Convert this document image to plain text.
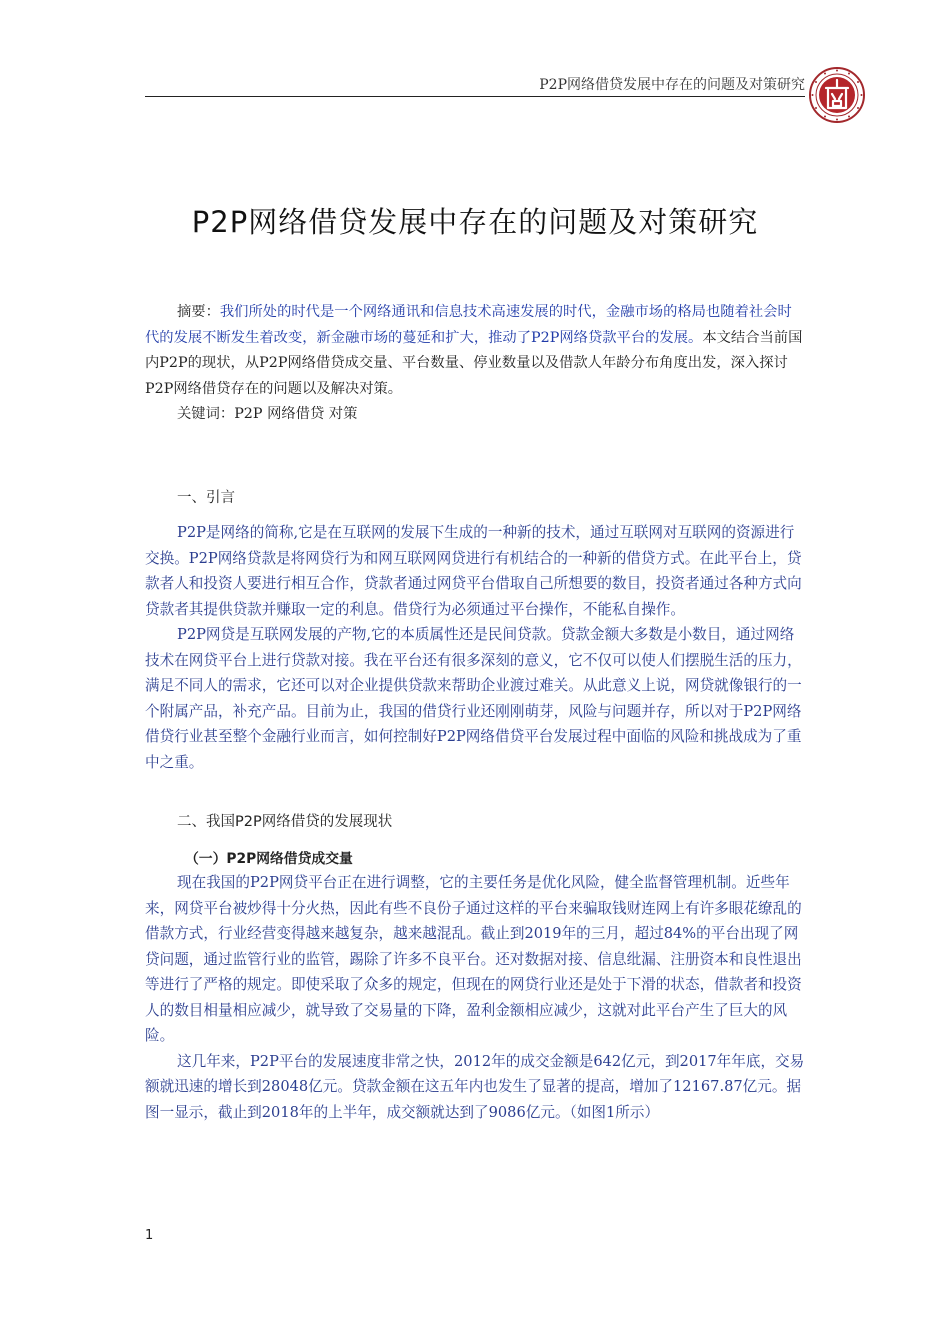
P2P网络借贷发展中存在的问题及对策研究
P2P网络借贷发展中存在的问题及对策研究

摘要：我们所处的时代是一个网络通讯和信息技术高速发展的时代，金融市场的格局也随着社会时代的发展不断发生着改变，新金融市场的蔓延和扩大，推动了P2P网络贷款平台的发展。本文结合当前国内P2P的现状，从P2P网络借贷成交量、平台数量、停业数量以及借款人年龄分布角度出发，深入探讨P2P网络借贷存在的问题以及解决对策。

关键词：P2P 网络借贷 对策

一、引言

P2P是网络的简称,它是在互联网的发展下生成的一种新的技术，通过互联网对互联网的资源进行交换。P2P网络贷款是将网贷行为和网互联网网贷进行有机结合的一种新的借贷方式。在此平台上，贷款者人和投资人要进行相互合作，贷款者通过网贷平台借取自己所想要的数目，投资者通过各种方式向贷款者其提供贷款并赚取一定的利息。借贷行为必须通过平台操作，不能私自操作。

P2P网贷是互联网发展的产物,它的本质属性还是民间贷款。贷款金额大多数是小数目，通过网络技术在网贷平台上进行贷款对接。我在平台还有很多深刻的意义，它不仅可以使人们摆脱生活的压力，满足不同人的需求，它还可以对企业提供贷款来帮助企业渡过难关。从此意义上说，网贷就像银行的一个附属产品，补充产品。目前为止，我国的借贷行业还刚刚萌芽，风险与问题并存，所以对于P2P网络借贷行业甚至整个金融行业而言，如何控制好P2P网络借贷平台发展过程中面临的风险和挑战成为了重中之重。

二、我国P2P网络借贷的发展现状
（一）P2P网络借贷成交量

现在我国的P2P网贷平台正在进行调整，它的主要任务是优化风险，健全监督管理机制。近些年来，网贷平台被炒得十分火热，因此有些不良份子通过这样的平台来骗取钱财连网上有许多眼花缭乱的借款方式，行业经营变得越来越复杂，越来越混乱。截止到2019年的三月，超过84%的平台出现了网贷问题，通过监管行业的监管，踢除了许多不良平台。还对数据对接、信息纰漏、注册资本和良性退出等进行了严格的规定。即使采取了众多的规定，但现在的网贷行业还是处于下滑的状态，借款者和投资人的数目相量相应减少，就导致了交易量的下降，盈利金额相应减少，这就对此平台产生了巨大的风险。

这几年来，P2P平台的发展速度非常之快，2012年的成交金额是642亿元，到2017年年底，交易额就迅速的增长到28048亿元。贷款金额在这五年内也发生了显著的提高，增加了12167.87亿元。据图一显示，截止到2018年的上半年，成交额就达到了9086亿元。（如图1所示）

1
